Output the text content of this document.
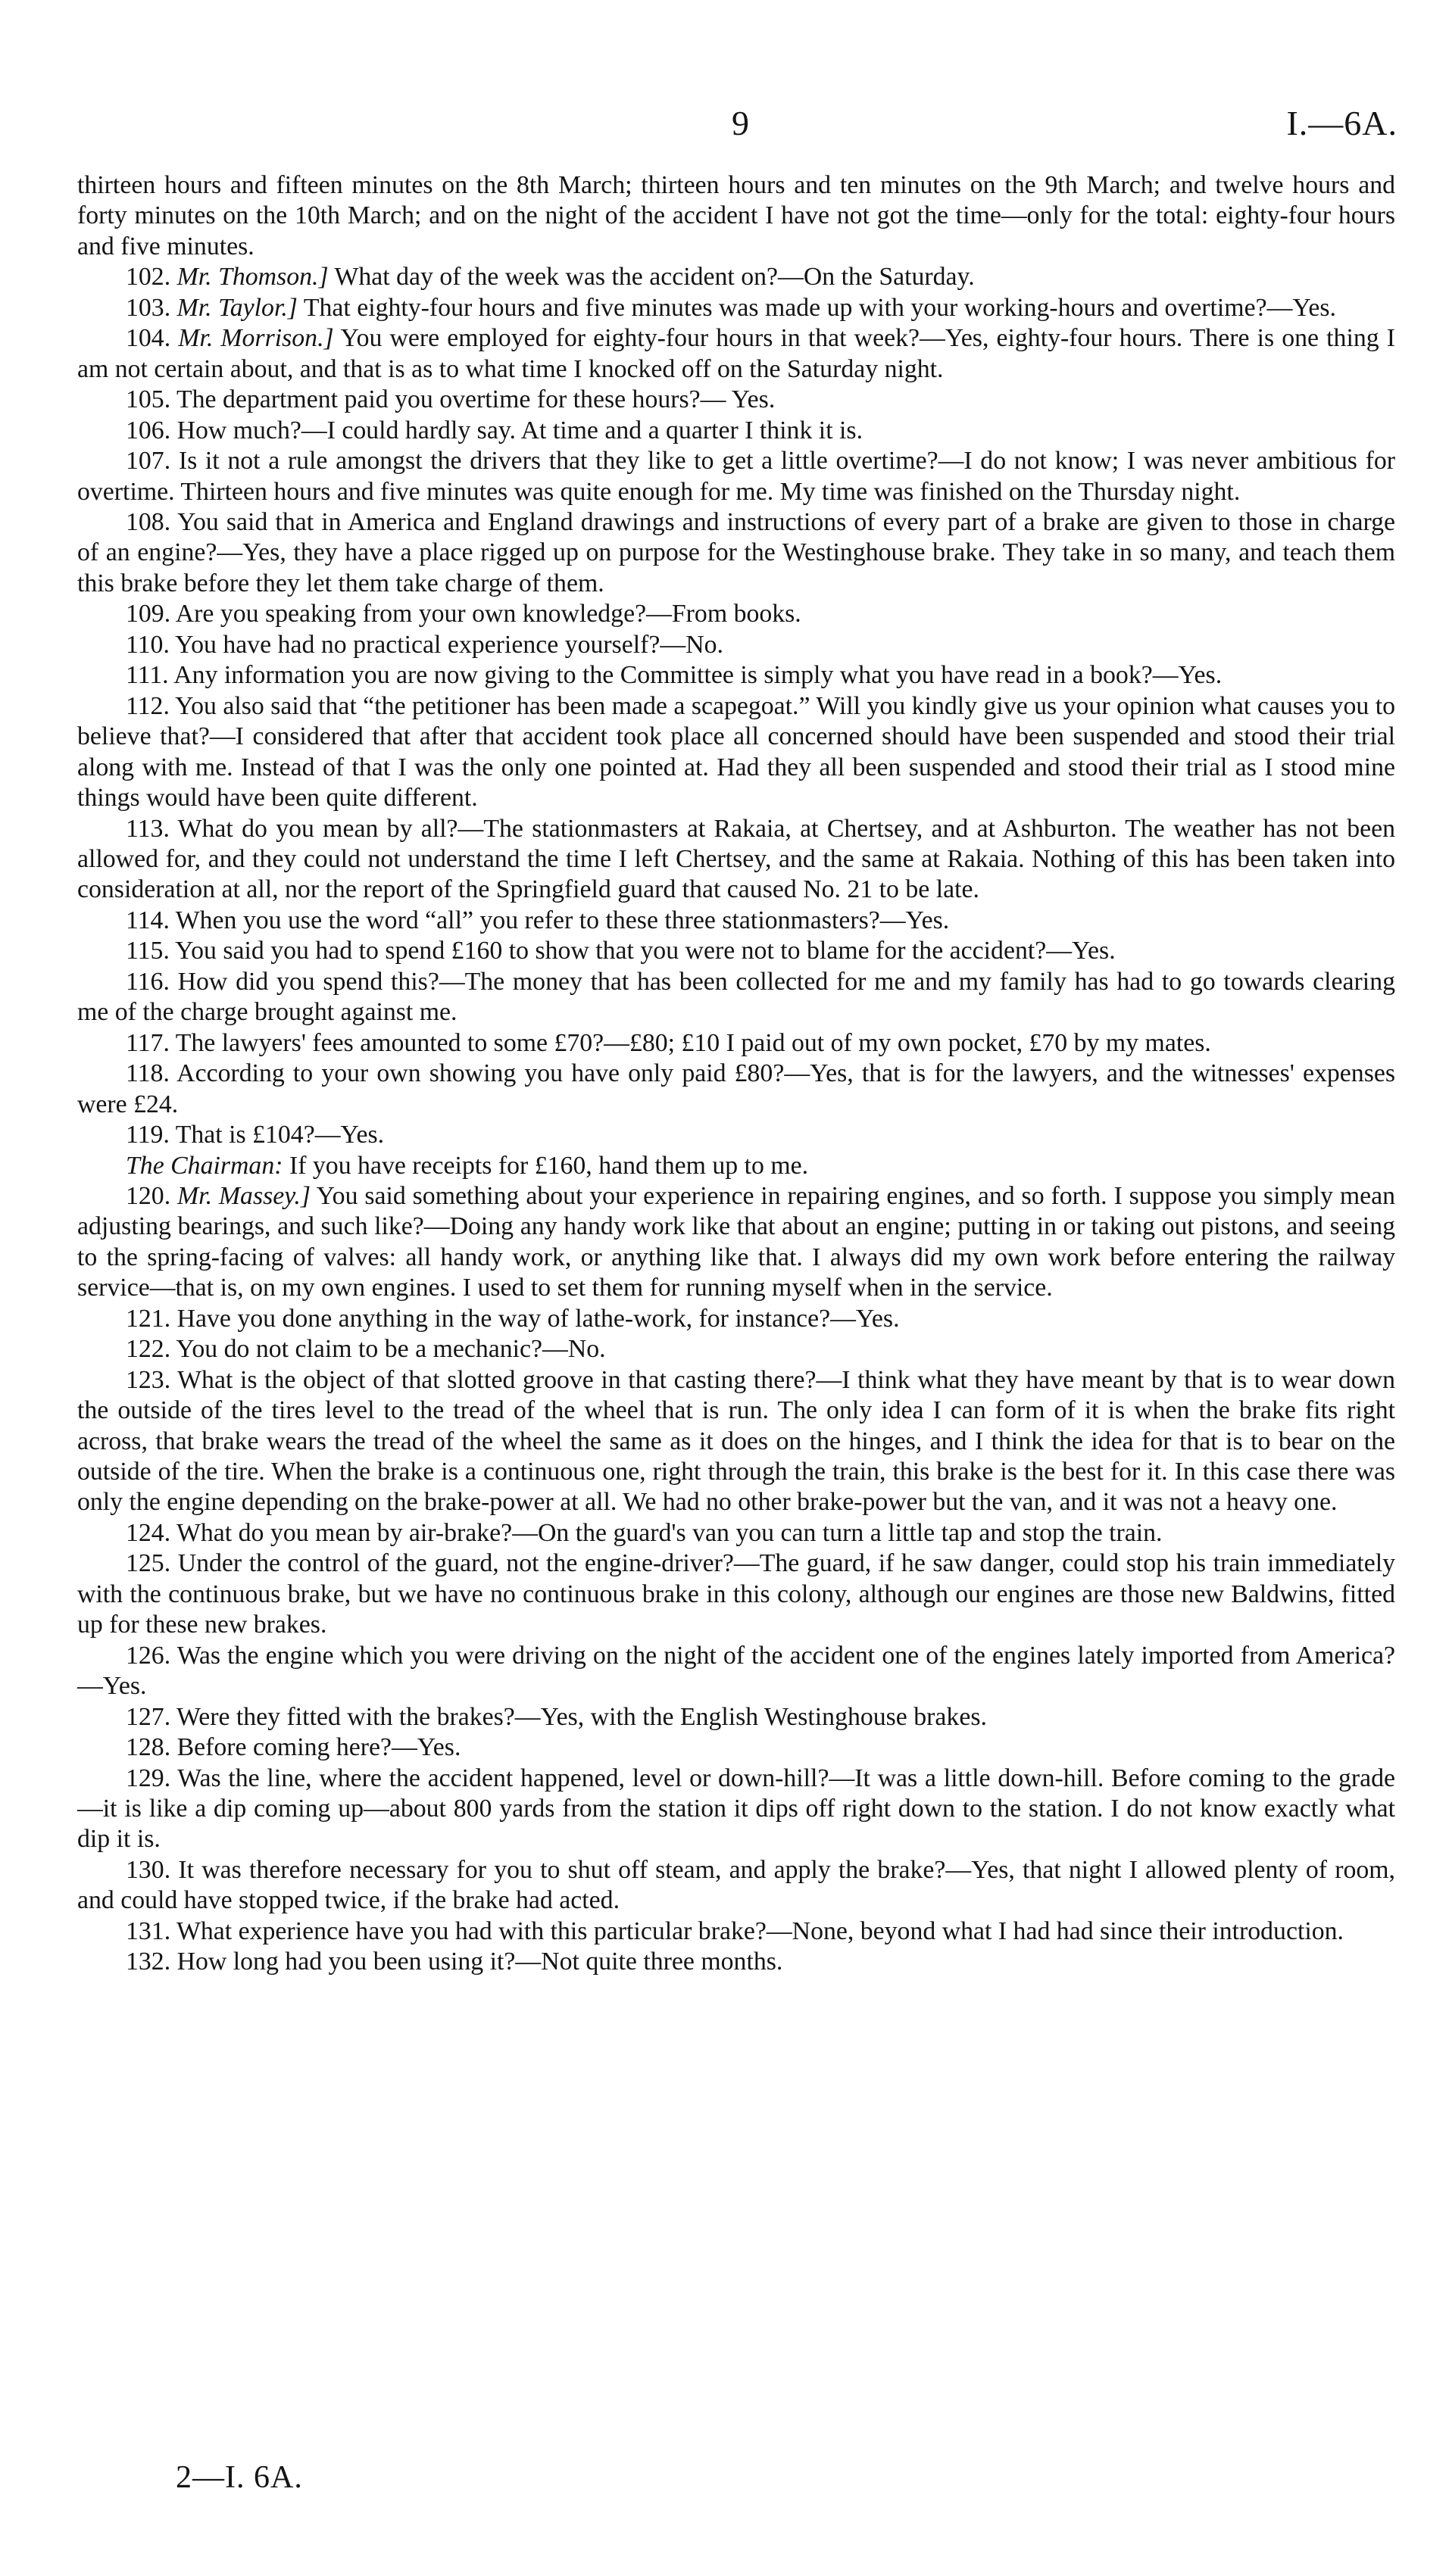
9	I.—6A.

thirteen hours and fifteen minutes on the 8th March; thirteen hours and ten minutes on the 9th March; and twelve hours and forty minutes on the 10th March; and on the night of the accident I have not got the time—only for the total: eighty-four hours and five minutes.

102. Mr. Thomson.] What day of the week was the accident on?—On the Saturday.

103. Mr. Taylor.] That eighty-four hours and five minutes was made up with your working-hours and overtime?—Yes.

104. Mr. Morrison.] You were employed for eighty-four hours in that week?—Yes, eighty-four hours. There is one thing I am not certain about, and that is as to what time I knocked off on the Saturday night.

105. The department paid you overtime for these hours?— Yes.

106. How much?—I could hardly say. At time and a quarter I think it is.

107. Is it not a rule amongst the drivers that they like to get a little overtime?—I do not know; I was never ambitious for overtime. Thirteen hours and five minutes was quite enough for me. My time was finished on the Thursday night.

108. You said that in America and England drawings and instructions of every part of a brake are given to those in charge of an engine?—Yes, they have a place rigged up on purpose for the Westinghouse brake. They take in so many, and teach them this brake before they let them take charge of them.

109. Are you speaking from your own knowledge?—From books.

110. You have had no practical experience yourself?—No.

111. Any information you are now giving to the Committee is simply what you have read in a book?—Yes.

112. You also said that “the petitioner has been made a scapegoat.” Will you kindly give us your opinion what causes you to believe that?—I considered that after that accident took place all concerned should have been suspended and stood their trial along with me. Instead of that I was the only one pointed at. Had they all been suspended and stood their trial as I stood mine things would have been quite different.

113. What do you mean by all?—The stationmasters at Rakaia, at Chertsey, and at Ashburton. The weather has not been allowed for, and they could not understand the time I left Chertsey, and the same at Rakaia. Nothing of this has been taken into consideration at all, nor the report of the Springfield guard that caused No. 21 to be late.

114. When you use the word “all” you refer to these three stationmasters?—Yes.

115. You said you had to spend £160 to show that you were not to blame for the accident?—Yes.

116. How did you spend this?—The money that has been collected for me and my family has had to go towards clearing me of the charge brought against me.

117. The lawyers' fees amounted to some £70?—£80; £10 I paid out of my own pocket, £70 by my mates.

118. According to your own showing you have only paid £80?—Yes, that is for the lawyers, and the witnesses' expenses were £24.

119. That is £104?—Yes.

The Chairman: If you have receipts for £160, hand them up to me.

120. Mr. Massey.] You said something about your experience in repairing engines, and so forth. I suppose you simply mean adjusting bearings, and such like?—Doing any handy work like that about an engine; putting in or taking out pistons, and seeing to the spring-facing of valves: all handy work, or anything like that. I always did my own work before entering the railway service—that is, on my own engines. I used to set them for running myself when in the service.

121. Have you done anything in the way of lathe-work, for instance?—Yes.

122. You do not claim to be a mechanic?—No.

123. What is the object of that slotted groove in that casting there?—I think what they have meant by that is to wear down the outside of the tires level to the tread of the wheel that is run. The only idea I can form of it is when the brake fits right across, that brake wears the tread of the wheel the same as it does on the hinges, and I think the idea for that is to bear on the outside of the tire. When the brake is a continuous one, right through the train, this brake is the best for it. In this case there was only the engine depending on the brake-power at all. We had no other brake-power but the van, and it was not a heavy one.

124. What do you mean by air-brake?—On the guard's van you can turn a little tap and stop the train.

125. Under the control of the guard, not the engine-driver?—The guard, if he saw danger, could stop his train immediately with the continuous brake, but we have no continuous brake in this colony, although our engines are those new Baldwins, fitted up for these new brakes.

126. Was the engine which you were driving on the night of the accident one of the engines lately imported from America?—Yes.

127. Were they fitted with the brakes?—Yes, with the English Westinghouse brakes.

128. Before coming here?—Yes.

129. Was the line, where the accident happened, level or down-hill?—It was a little down-hill. Before coming to the grade—it is like a dip coming up—about 800 yards from the station it dips off right down to the station. I do not know exactly what dip it is.

130. It was therefore necessary for you to shut off steam, and apply the brake?—Yes, that night I allowed plenty of room, and could have stopped twice, if the brake had acted.

131. What experience have you had with this particular brake?—None, beyond what I had had since their introduction.

132. How long had you been using it?—Not quite three months.

2—I. 6A.
